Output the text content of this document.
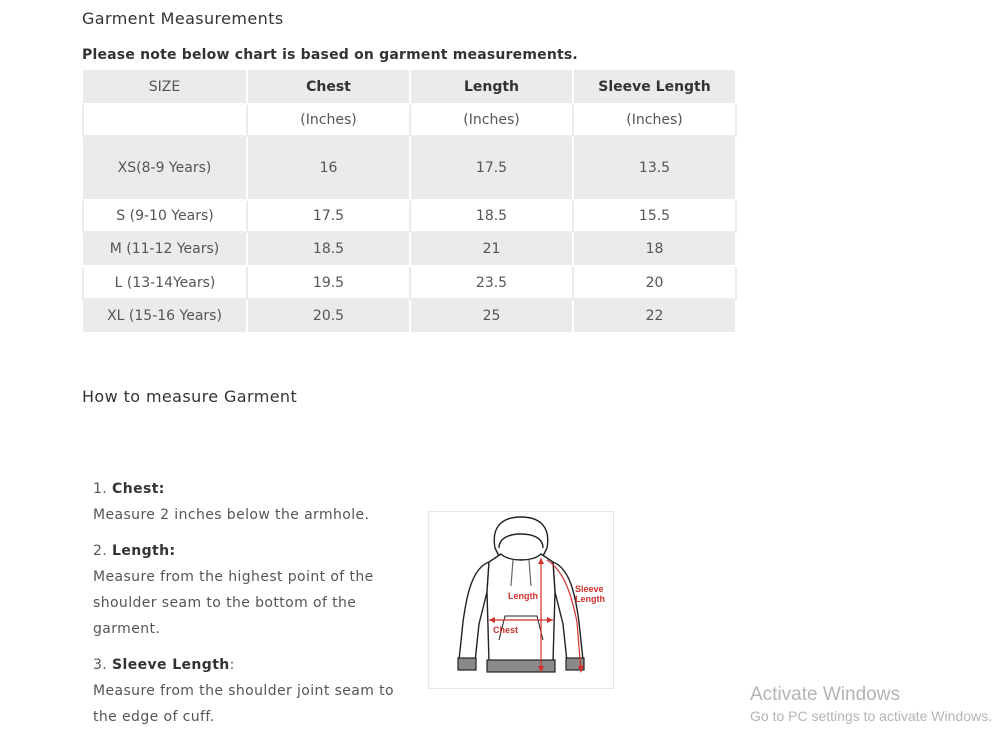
Garment Measurements
Please note below chart is based on garment measurements.
SIZE	Chest	Length	Sleeve Length
	(Inches)	(Inches)	(Inches)
XS(8-9 Years)	16	17.5	13.5
S (9-10 Years)	17.5	18.5	15.5
M (11-12 Years)	18.5	21	18
L (13-14Years)	19.5	23.5	20
XL (15-16 Years)	20.5	25	22
How to measure Garment
1. Chest:
Measure 2 inches below the armhole.
2. Length:
Measure from the highest point of the shoulder seam to the bottom of the garment.
3. Sleeve Length:
Measure from the shoulder joint seam to the edge of cuff.
Length
Chest
Sleeve
Length
Activate Windows
Go to PC settings to activate Windows.
